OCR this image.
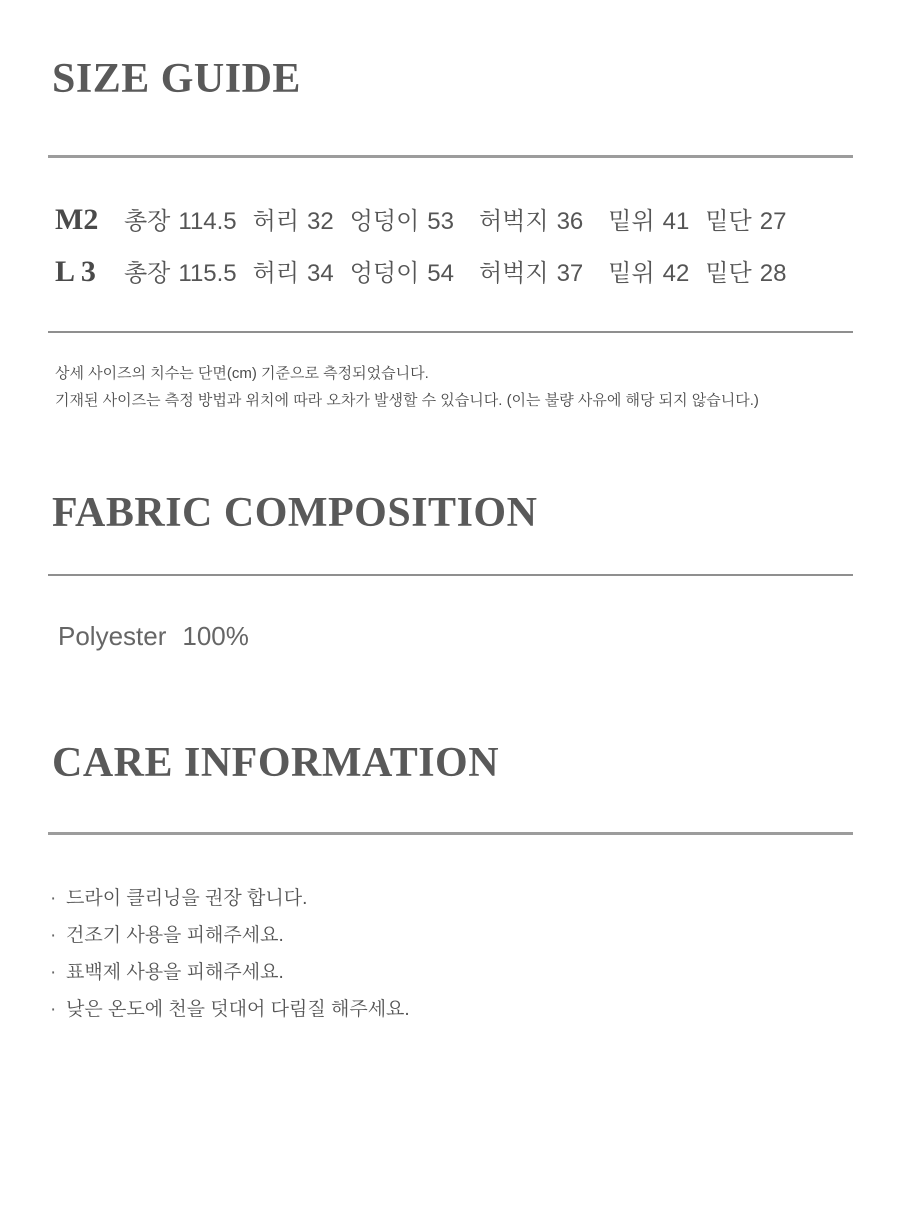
SIZE GUIDE
M2	총장 114.5 허리 32 엉덩이 53 허벅지 36 밑위 41 밑단 27
L 3	총장 115.5 허리 34 엉덩이 54 허벅지 37 밑위 42 밑단 28
상세 사이즈의 치수는 단면(cm) 기준으로 측정되었습니다.
기재된 사이즈는 측정 방법과 위치에 따라 오차가 발생할 수 있습니다. (이는 불량 사유에 해당 되지 않습니다.)
FABRIC COMPOSITION
Polyester 100%
CARE INFORMATION
· 드라이 클리닝을 권장 합니다.
· 건조기 사용을 피해주세요.
· 표백제 사용을 피해주세요.
· 낮은 온도에 천을 덧대어 다림질 해주세요.
